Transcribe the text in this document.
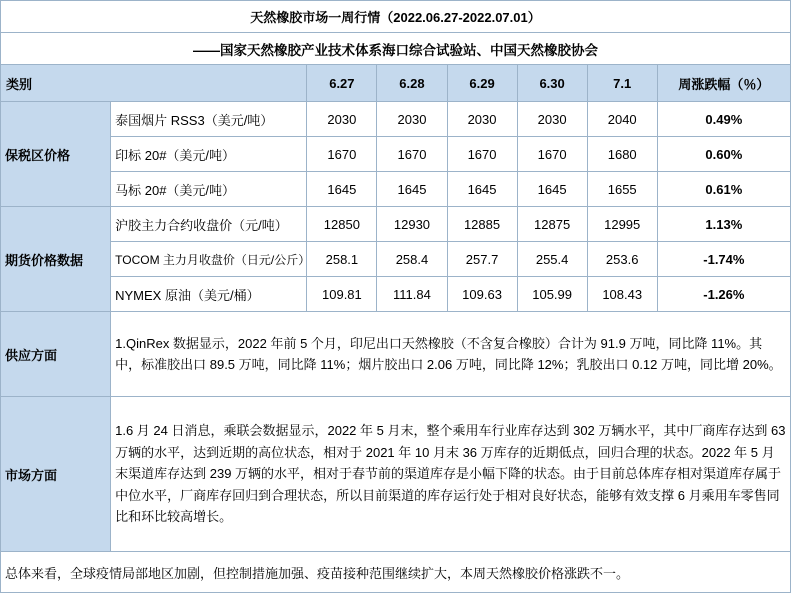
天然橡胶市场一周行情（2022.06.27-2022.07.01）							
——国家天然橡胶产业技术体系海口综合试验站、中国天然橡胶协会							
类别		6.27	6.28	6.29	6.30	7.1	周涨跌幅（％）
保税区价格	泰国烟片 RSS3（美元/吨）	2030	2030	2030	2030	2040	0.49%
	印标 20#（美元/吨）	1670	1670	1670	1670	1680	0.60%
	马标 20#（美元/吨）	1645	1645	1645	1645	1655	0.61%
期货价格数据	沪胶主力合约收盘价（元/吨）	12850	12930	12885	12875	12995	1.13%
	TOCOM 主力月收盘价（日元/公斤）	258.1	258.4	257.7	255.4	253.6	-1.74%
	NYMEX 原油（美元/桶）	109.81	111.84	109.63	105.99	108.43	-1.26%
供应方面	1.QinRex 数据显示，2022 年前 5 个月，印尼出口天然橡胶（不含复合橡胶）合计为 91.9 万吨，同比降 11%。其中，标准胶出口 89.5 万吨，同比降 11%；烟片胶出口 2.06 万吨，同比降 12%；乳胶出口 0.12 万吨，同比增 20%。						
市场方面	1.6 月 24 日消息，乘联会数据显示，2022 年 5 月末，整个乘用车行业库存达到 302 万辆水平，其中厂商库存达到 63 万辆的水平，达到近期的高位状态，相对于 2021 年 10 月末 36 万库存的近期低点，回归合理的状态。2022 年 5 月末渠道库存达到 239 万辆的水平，相对于春节前的渠道库存是小幅下降的状态。由于目前总体库存相对渠道库存属于中位水平，厂商库存回归到合理状态，所以目前渠道的库存运行处于相对良好状态，能够有效支撑 6 月乘用车零售同比和环比较高增长。						
总体来看，全球疫情局部地区加剧，但控制措施加强、疫苗接种范围继续扩大，本周天然橡胶价格涨跌不一。							
